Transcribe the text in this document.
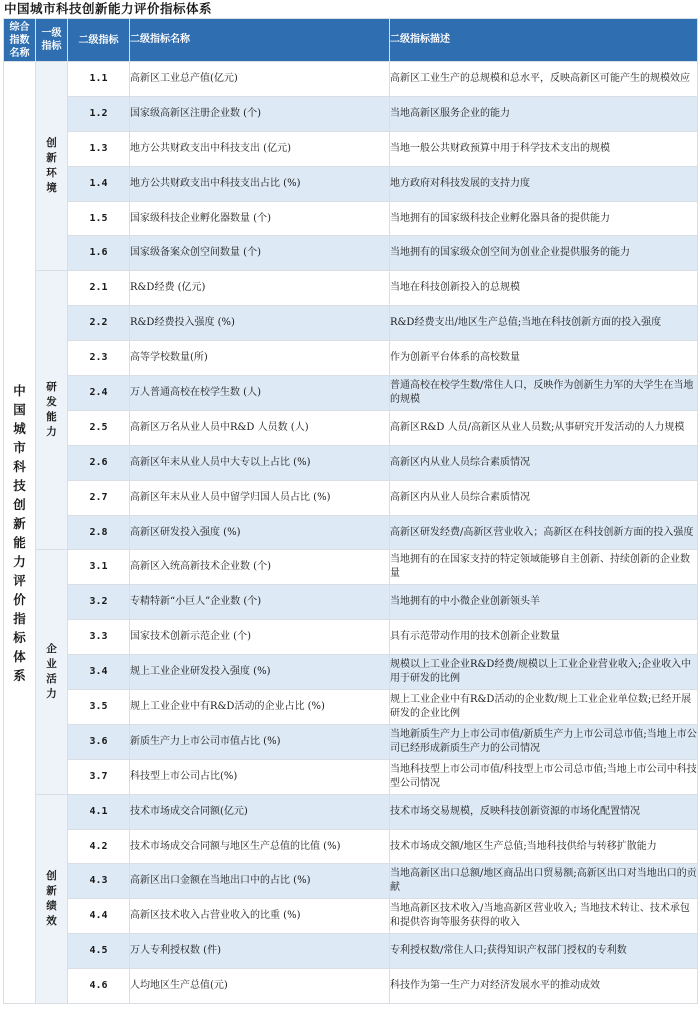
中国城市科技创新能力评价指标体系
综合指数名称	一级指标	二级指标	二级指标名称	二级指标描述

中国城市科技创新能力评价指标体系	创新环境	1.1	高新区工业总产值(亿元)	高新区工业生产的总规模和总水平，反映高新区可能产生的规模效应
		1.2	国家级高新区注册企业数 (个)	当地高新区服务企业的能力
		1.3	地方公共财政支出中科技支出 (亿元)	当地一般公共财政预算中用于科学技术支出的规模
		1.4	地方公共财政支出中科技支出占比 (%)	地方政府对科技发展的支持力度
		1.5	国家级科技企业孵化器数量 (个)	当地拥有的国家级科技企业孵化器具备的提供能力
		1.6	国家级备案众创空间数量 (个)	当地拥有的国家级众创空间为创业企业提供服务的能力

	研发能力	2.1	R&D经费 (亿元)	当地在科技创新投入的总规模
		2.2	R&D经费投入强度 (%)	R&D经费支出/地区生产总值;当地在科技创新方面的投入强度
		2.3	高等学校数量(所)	作为创新平台体系的高校数量
		2.4	万人普通高校在校学生数 (人)	普通高校在校学生数/常住人口，反映作为创新生力军的大学生在当地的规模
		2.5	高新区万名从业人员中R&D 人员数 (人)	高新区R&D 人员/高新区从业人员数;从事研究开发活动的人力规模
		2.6	高新区年末从业人员中大专以上占比 (%)	高新区内从业人员综合素质情况
		2.7	高新区年末从业人员中留学归国人员占比 (%)	高新区内从业人员综合素质情况
		2.8	高新区研发投入强度 (%)	高新区研发经费/高新区营业收入；高新区在科技创新方面的投入强度

	企业活力	3.1	高新区入统高新技术企业数 (个)	当地拥有的在国家支持的特定领域能够自主创新、持续创新的企业数量
		3.2	专精特新“小巨人”企业数 (个)	当地拥有的中小微企业创新领头羊
		3.3	国家技术创新示范企业 (个)	具有示范带动作用的技术创新企业数量
		3.4	规上工业企业研发投入强度 (%)	规模以上工业企业R&D经费/规模以上工业企业营业收入;企业收入中用于研发的比例
		3.5	规上工业企业中有R&D活动的企业占比 (%)	规上工业企业中有R&D活动的企业数/规上工业企业单位数;已经开展研发的企业比例
		3.6	新质生产力上市公司市值占比 (%)	当地新质生产力上市公司市值/新质生产力上市公司总市值;当地上市公司已经形成新质生产力的公司情况
		3.7	科技型上市公司占比(%)	当地科技型上市公司市值/科技型上市公司总市值;当地上市公司中科技型公司情况

	创新绩效	4.1	技术市场成交合同额(亿元)	技术市场交易规模，反映科技创新资源的市场化配置情况
		4.2	技术市场成交合同额与地区生产总值的比值 (%)	技术市场成交额/地区生产总值;当地科技供给与转移扩散能力
		4.3	高新区出口金额在当地出口中的占比 (%)	当地高新区出口总额/地区商品出口贸易额;高新区出口对当地出口的贡献
		4.4	高新区技术收入占营业收入的比重 (%)	当地高新区技术收入/当地高新区营业收入; 当地技术转让、技术承包和提供咨询等服务获得的收入
		4.5	万人专利授权数 (件)	专利授权数/常住人口;获得知识产权部门授权的专利数
		4.6	人均地区生产总值(元)	科技作为第一生产力对经济发展水平的推动成效
